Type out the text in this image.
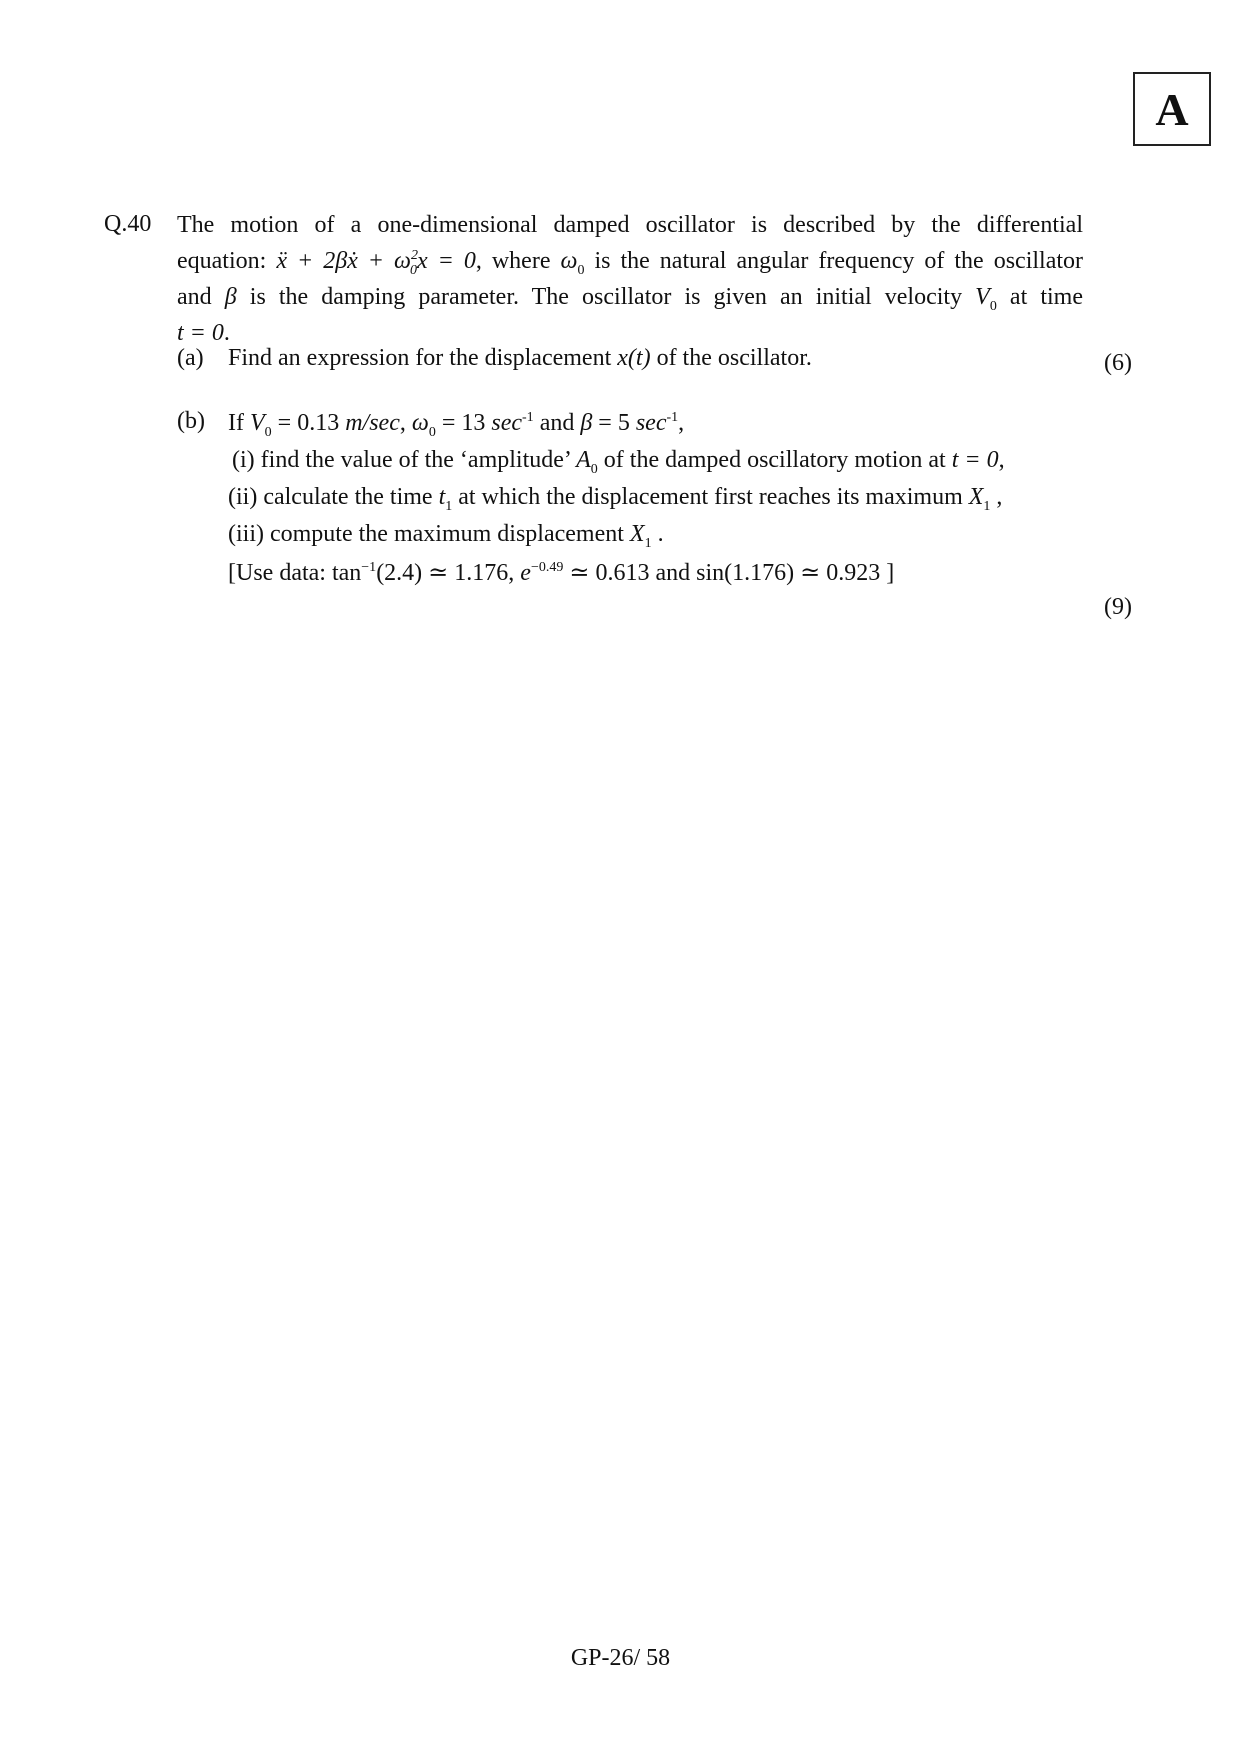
A
Q.40 The motion of a one-dimensional damped oscillator is described by the differential

equation: ẍ + 2βẋ + $\omega^2_0x = 0$, where $\omega_0$ is the natural angular frequency of the oscillator

and β is the damping parameter. The oscillator is given an initial velocity $V_0$ at time

t = 0.

(a) Find an expression for the displacement x(t) of the oscillator.	(6)
(b) If $V_0 = 0.13$ m/sec, $\omega_0 = 13$ $\sec^{-1}$ and β = 5 $\sec^{-1}$,
(i) find the value of the ‘amplitude’ $A_0$ of the damped oscillatory motion at t = 0,
(ii) calculate the time $t_1$ at which the displacement first reaches its maximum $X_1$ ,
(iii) compute the maximum displacement $X_1$ .
[Use data: $\tan^{-1}(2.4)$ ≃ 1.176, $e^{-0.49}$ ≃ 0.613 and sin(1.176) ≃ 0.923 ]
(9)
GP-26/ 58
